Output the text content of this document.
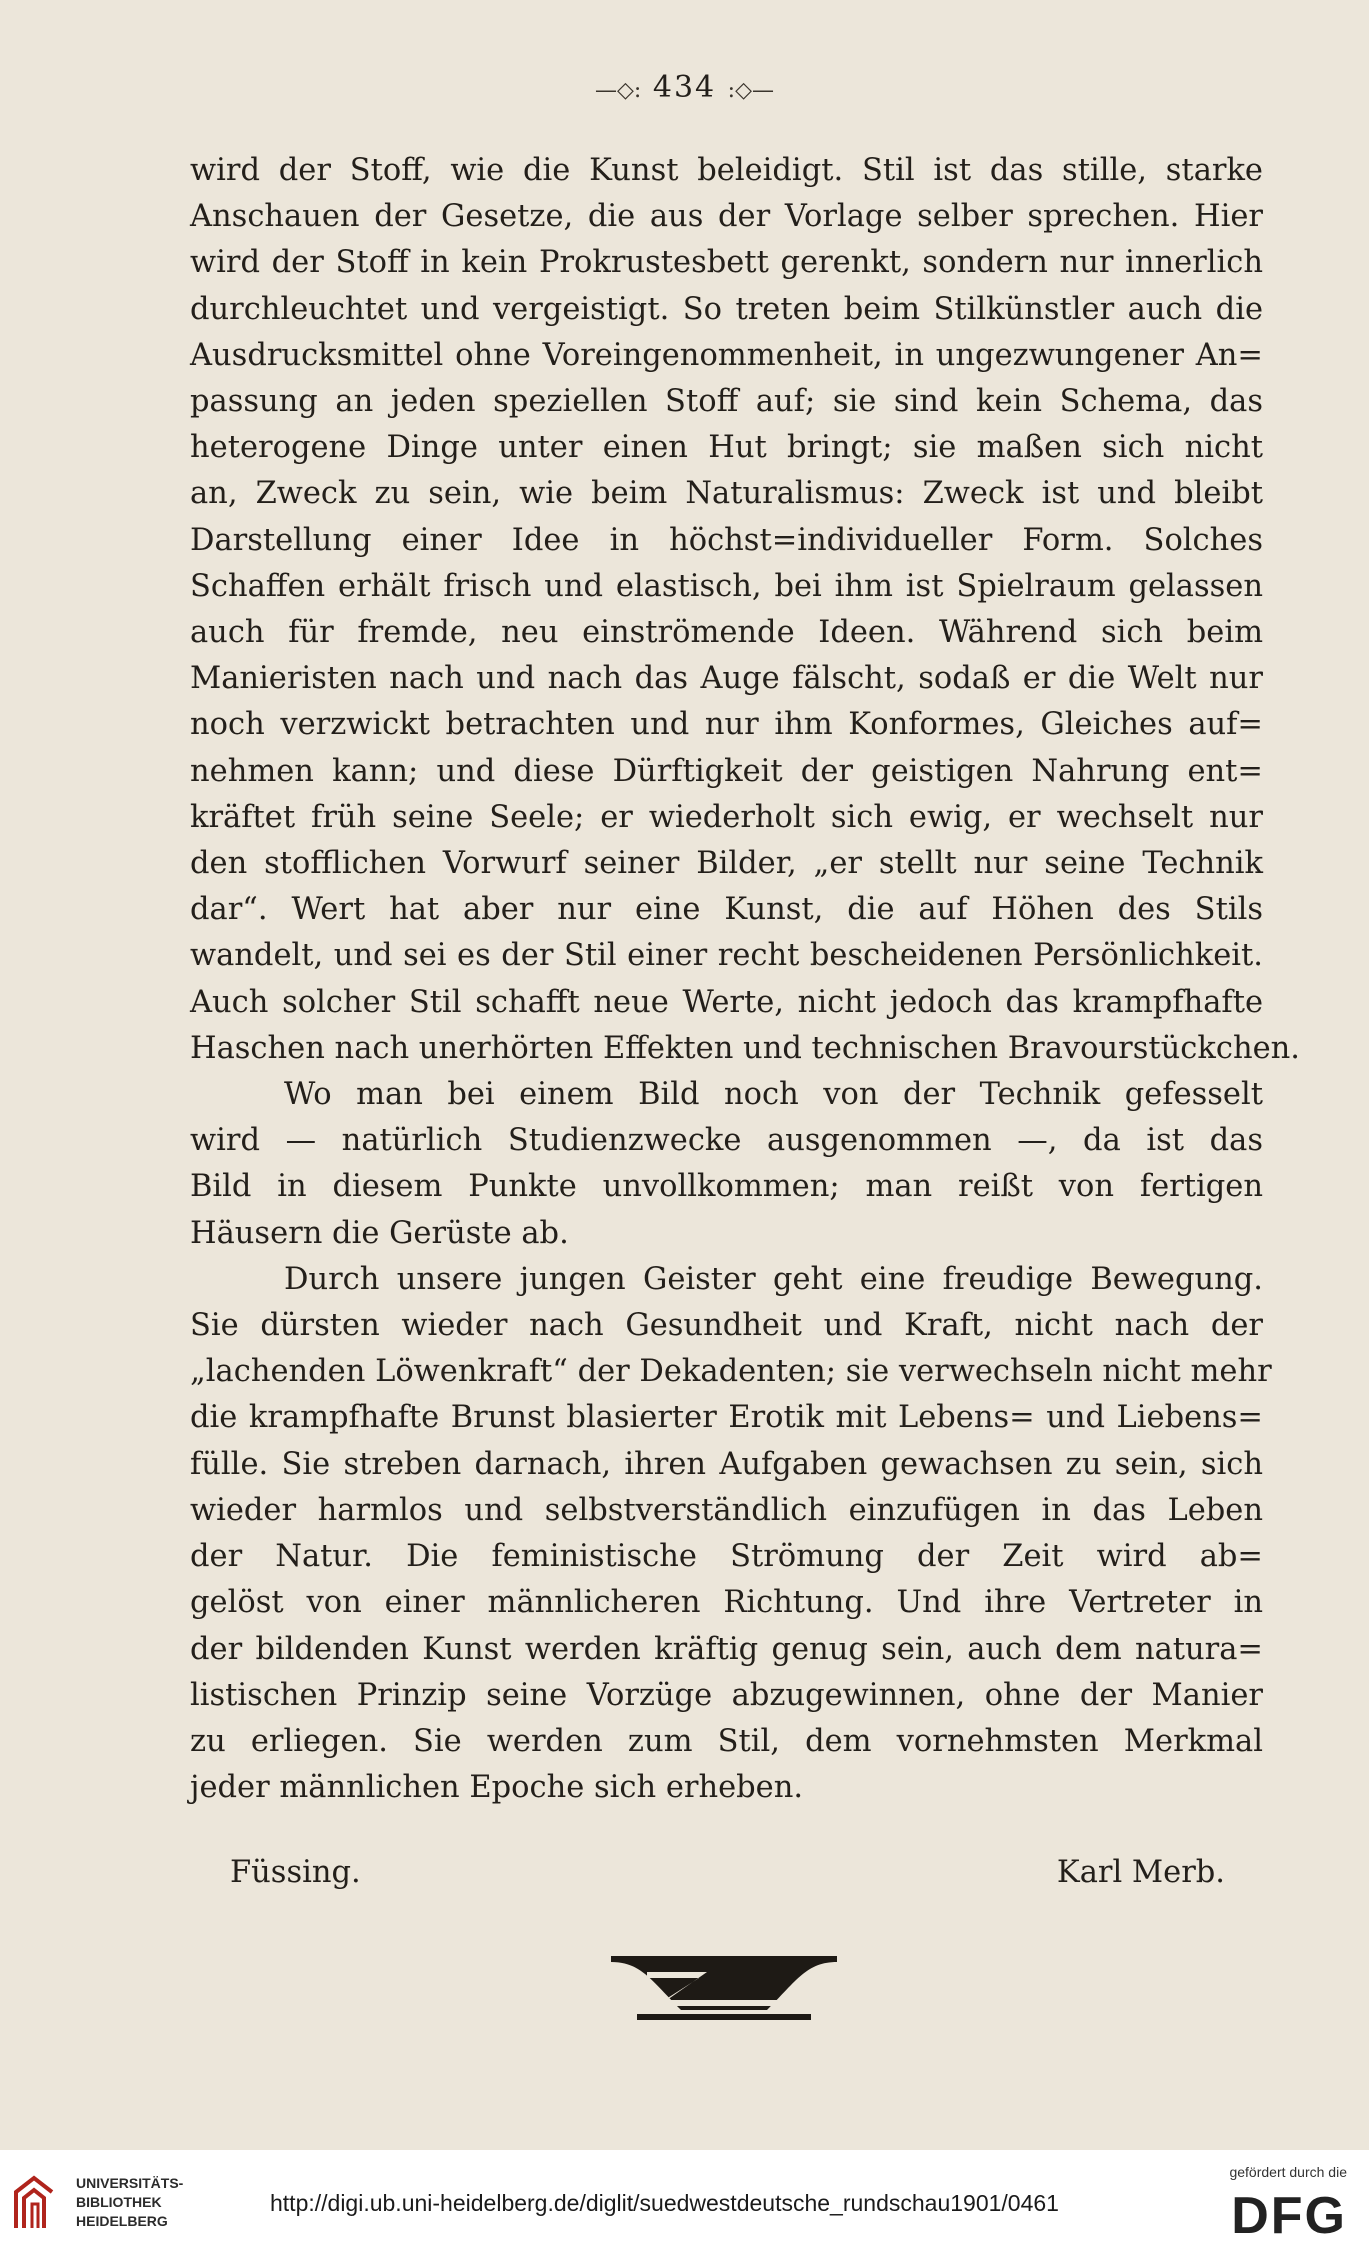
—◇: 434 :◇—
wird der Stoff, wie die Kunst beleidigt. Stil ist das stille, starke
Anschauen der Gesetze, die aus der Vorlage selber sprechen. Hier
wird der Stoff in kein Prokrustesbett gerenkt, sondern nur innerlich
durchleuchtet und vergeistigt. So treten beim Stilkünstler auch die
Ausdrucksmittel ohne Voreingenommenheit, in ungezwungener An=
passung an jeden speziellen Stoff auf; sie sind kein Schema, das
heterogene Dinge unter einen Hut bringt; sie maßen sich nicht
an, Zweck zu sein, wie beim Naturalismus: Zweck ist und bleibt
Darstellung einer Idee in höchst=individueller Form. Solches
Schaffen erhält frisch und elastisch, bei ihm ist Spielraum gelassen
auch für fremde, neu einströmende Ideen. Während sich beim
Manieristen nach und nach das Auge fälscht, sodaß er die Welt nur
noch verzwickt betrachten und nur ihm Konformes, Gleiches auf=
nehmen kann; und diese Dürftigkeit der geistigen Nahrung ent=
kräftet früh seine Seele; er wiederholt sich ewig, er wechselt nur
den stofflichen Vorwurf seiner Bilder, „er stellt nur seine Technik
dar“. Wert hat aber nur eine Kunst, die auf Höhen des Stils
wandelt, und sei es der Stil einer recht bescheidenen Persönlichkeit.
Auch solcher Stil schafft neue Werte, nicht jedoch das krampfhafte
Haschen nach unerhörten Effekten und technischen Bravourstückchen.
Wo man bei einem Bild noch von der Technik gefesselt
wird — natürlich Studienzwecke ausgenommen —, da ist das
Bild in diesem Punkte unvollkommen; man reißt von fertigen
Häusern die Gerüste ab.
Durch unsere jungen Geister geht eine freudige Bewegung.
Sie dürsten wieder nach Gesundheit und Kraft, nicht nach der
„lachenden Löwenkraft“ der Dekadenten; sie verwechseln nicht mehr
die krampfhafte Brunst blasierter Erotik mit Lebens= und Liebens=
fülle. Sie streben darnach, ihren Aufgaben gewachsen zu sein, sich
wieder harmlos und selbstverständlich einzufügen in das Leben
der Natur. Die feministische Strömung der Zeit wird ab=
gelöst von einer männlicheren Richtung. Und ihre Vertreter in
der bildenden Kunst werden kräftig genug sein, auch dem natura=
listischen Prinzip seine Vorzüge abzugewinnen, ohne der Manier
zu erliegen. Sie werden zum Stil, dem vornehmsten Merkmal
jeder männlichen Epoche sich erheben.
Füssing.	Karl Merb.
UNIVERSITÄTS-
BIBLIOTHEK
HEIDELBERG
http://digi.ub.uni-heidelberg.de/diglit/suedwestdeutsche_rundschau1901/0461
gefördert durch die
DFG
